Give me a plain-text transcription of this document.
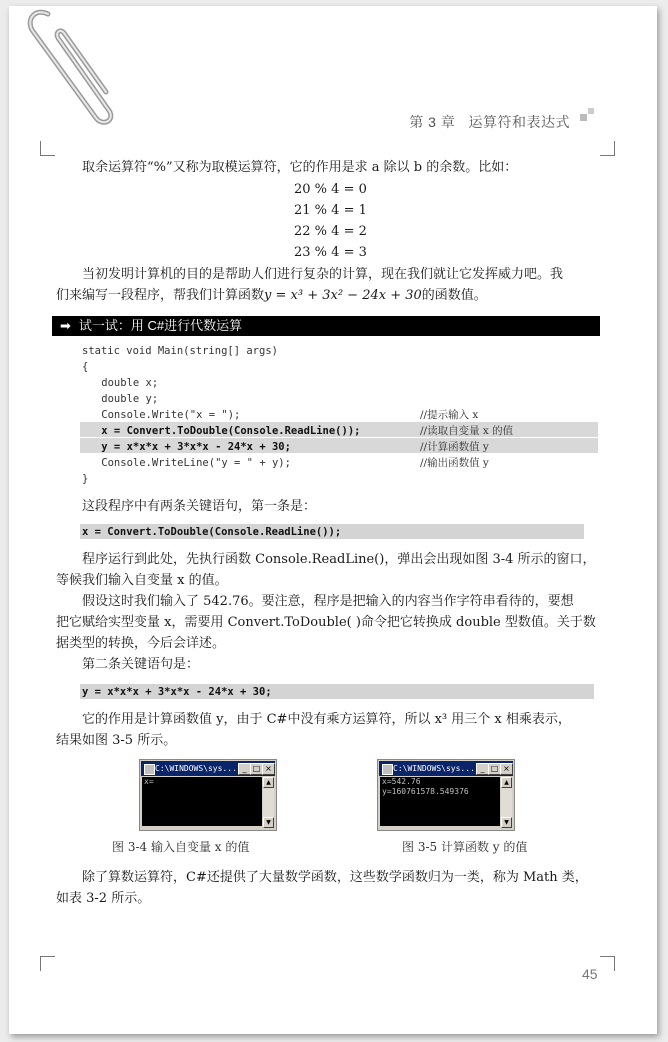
第 3 章 运算符和表达式
取余运算符“%”又称为取模运算符，它的作用是求 a 除以 b 的余数。比如：
20 % 4 = 0
21 % 4 = 1
22 % 4 = 2
23 % 4 = 3
当初发明计算机的目的是帮助人们进行复杂的计算，现在我们就让它发挥威力吧。我
们来编写一段程序，帮我们计算函数y = x³ + 3x² − 24x + 30的函数值。
➡ 试一试：用 C#进行代数运算
static void Main(string[] args)
{
double x;
double y;
Console.Write("x = ");
x = Convert.ToDouble(Console.ReadLine());
y = x*x*x + 3*x*x - 24*x + 30;
Console.WriteLine("y = " + y);
}
//提示输入 x
//读取自变量 x 的值
//计算函数值 y
//输出函数值 y
这段程序中有两条关键语句，第一条是：
x = Convert.ToDouble(Console.ReadLine());
程序运行到此处，先执行函数 Console.ReadLine()，弹出会出现如图 3-4 所示的窗口，
等候我们输入自变量 x 的值。
假设这时我们输入了 542.76。要注意，程序是把输入的内容当作字符串看待的，要想
把它赋给实型变量 x，需要用 Convert.ToDouble( )命令把它转换成 double 型数值。关于数
据类型的转换，今后会详述。
第二条关键语句是：
y = x*x*x + 3*x*x - 24*x + 30;
它的作用是计算函数值 y，由于 C#中没有乘方运算符，所以 x³ 用三个 x 相乘表示，
结果如图 3-5 所示。
C:\WINDOWS\sys... _ □ ×
x=	▲
▼
C:\WINDOWS\sys... _ □ ×
x=542.76
y=160761578.549376
▲
▼
图 3-4 输入自变量 x 的值	图 3-5 计算函数 y 的值
除了算数运算符，C#还提供了大量数学函数，这些数学函数归为一类，称为 Math 类，
如表 3-2 所示。
45
